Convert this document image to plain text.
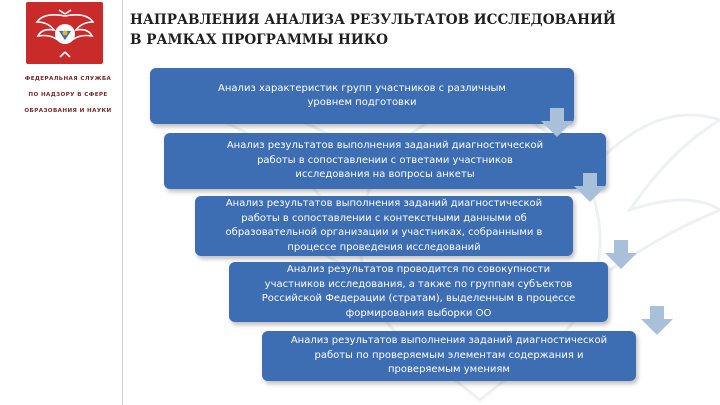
ФЕДЕРАЛЬНАЯ СЛУЖБА
ПО НАДЗОРУ В СФЕРЕ
ОБРАЗОВАНИЯ И НАУКИ
НАПРАВЛЕНИЯ АНАЛИЗА РЕЗУЛЬТАТОВ ИССЛЕДОВАНИЙ
В РАМКАХ ПРОГРАММЫ НИКО
Анализ характеристик групп участников с различным
уровнем подготовки
Анализ результатов выполнения заданий диагностической
работы в сопоставлении с ответами участников
исследования на вопросы анкеты
Анализ результатов выполнения заданий диагностической
работы в сопоставлении с контекстными данными об
образовательной организации и участниках, собранными в
процессе проведения исследований
Анализ результатов проводится по совокупности
участников исследования, а также по группам субъектов
Российской Федерации (стратам), выделенным в процессе
формирования выборки ОО
Анализ результатов выполнения заданий диагностической
работы по проверяемым элементам содержания и
проверяемым умениям
